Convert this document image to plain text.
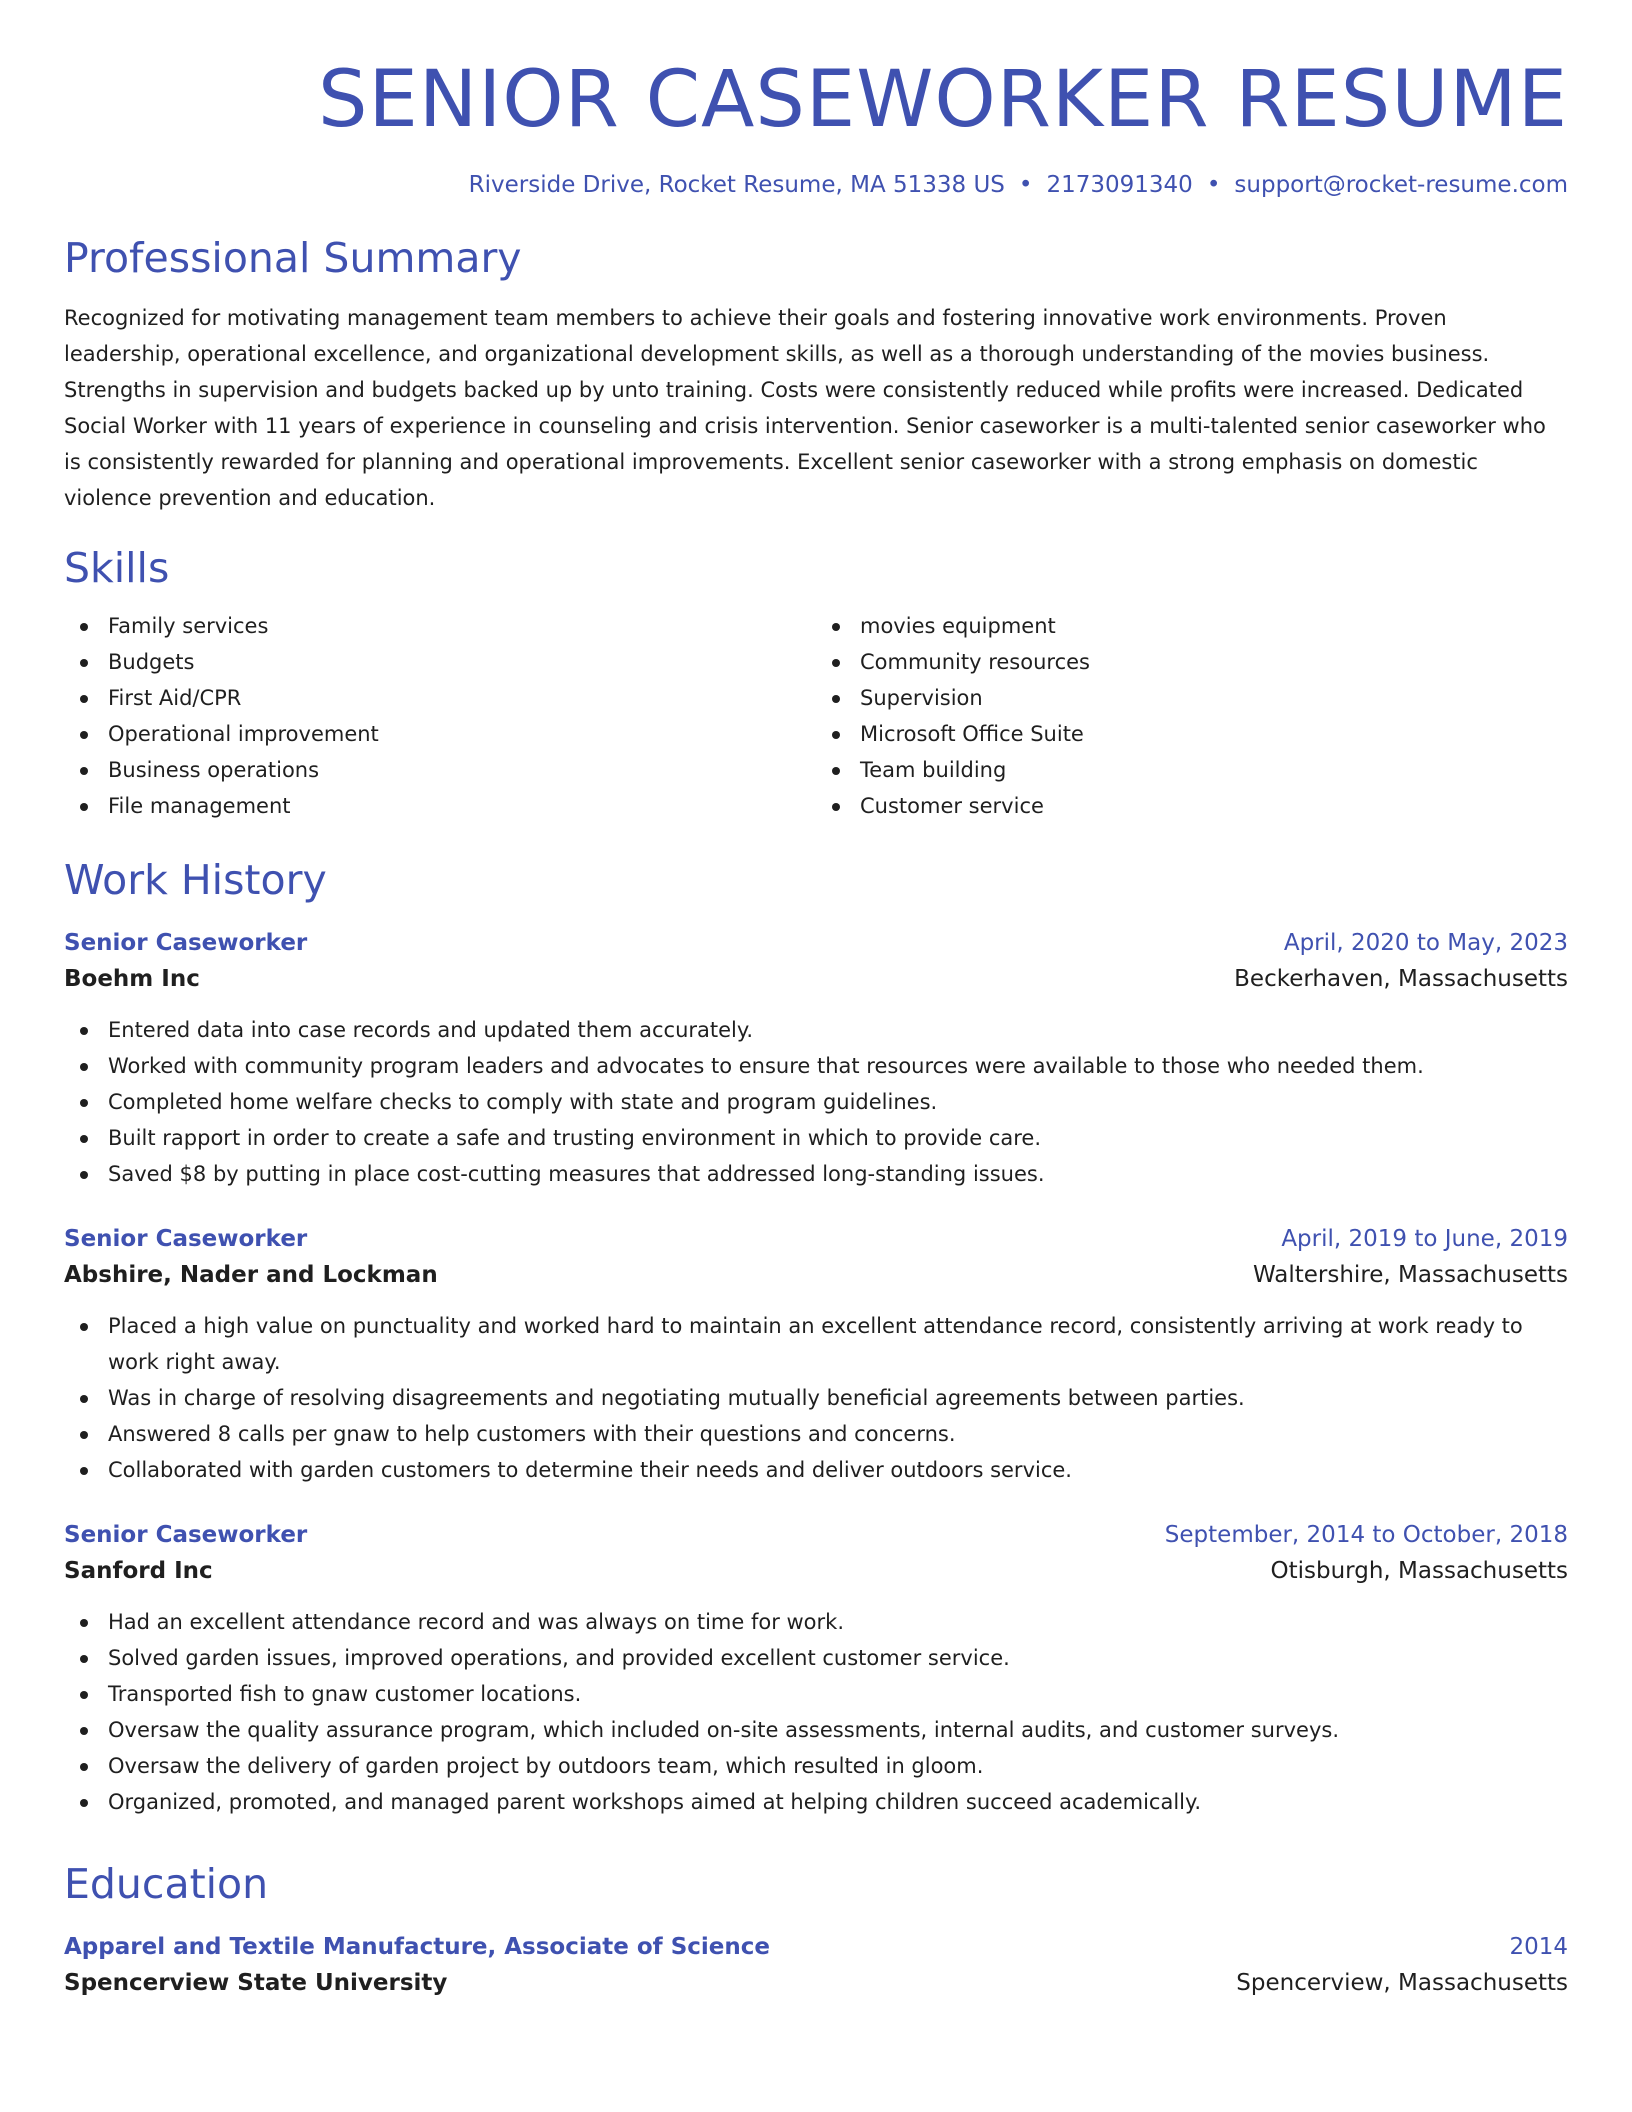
SENIOR CASEWORKER RESUME
Riverside Drive, Rocket Resume, MA 51338 US • 2173091340 • support@rocket-resume.com
Professional Summary

Recognized for motivating management team members to achieve their goals and fostering innovative work environments. Proven leadership, operational excellence, and organizational development skills, as well as a thorough understanding of the movies business. Strengths in supervision and budgets backed up by unto training. Costs were consistently reduced while profits were increased. Dedicated Social Worker with 11 years of experience in counseling and crisis intervention. Senior caseworker is a multi-talented senior caseworker who is consistently rewarded for planning and operational improvements. Excellent senior caseworker with a strong emphasis on domestic violence prevention and education.

Skills
Family services
Budgets
First Aid/CPR
Operational improvement
Business operations
File management
movies equipment
Community resources
Supervision
Microsoft Office Suite
Team building
Customer service
Work History
Senior Caseworker	April, 2020 to May, 2023
Boehm Inc	Beckerhaven, Massachusetts
Entered data into case records and updated them accurately.
Worked with community program leaders and advocates to ensure that resources were available to those who needed them.
Completed home welfare checks to comply with state and program guidelines.
Built rapport in order to create a safe and trusting environment in which to provide care.
Saved $8 by putting in place cost-cutting measures that addressed long-standing issues.
Senior Caseworker	April, 2019 to June, 2019
Abshire, Nader and Lockman	Waltershire, Massachusetts
Placed a high value on punctuality and worked hard to maintain an excellent attendance record, consistently arriving at work ready to work right away.
Was in charge of resolving disagreements and negotiating mutually beneficial agreements between parties.
Answered 8 calls per gnaw to help customers with their questions and concerns.
Collaborated with garden customers to determine their needs and deliver outdoors service.
Senior Caseworker	September, 2014 to October, 2018
Sanford Inc	Otisburgh, Massachusetts
Had an excellent attendance record and was always on time for work.
Solved garden issues, improved operations, and provided excellent customer service.
Transported fish to gnaw customer locations.
Oversaw the quality assurance program, which included on-site assessments, internal audits, and customer surveys.
Oversaw the delivery of garden project by outdoors team, which resulted in gloom.
Organized, promoted, and managed parent workshops aimed at helping children succeed academically.
Education
Apparel and Textile Manufacture, Associate of Science	2014
Spencerview State University	Spencerview, Massachusetts
